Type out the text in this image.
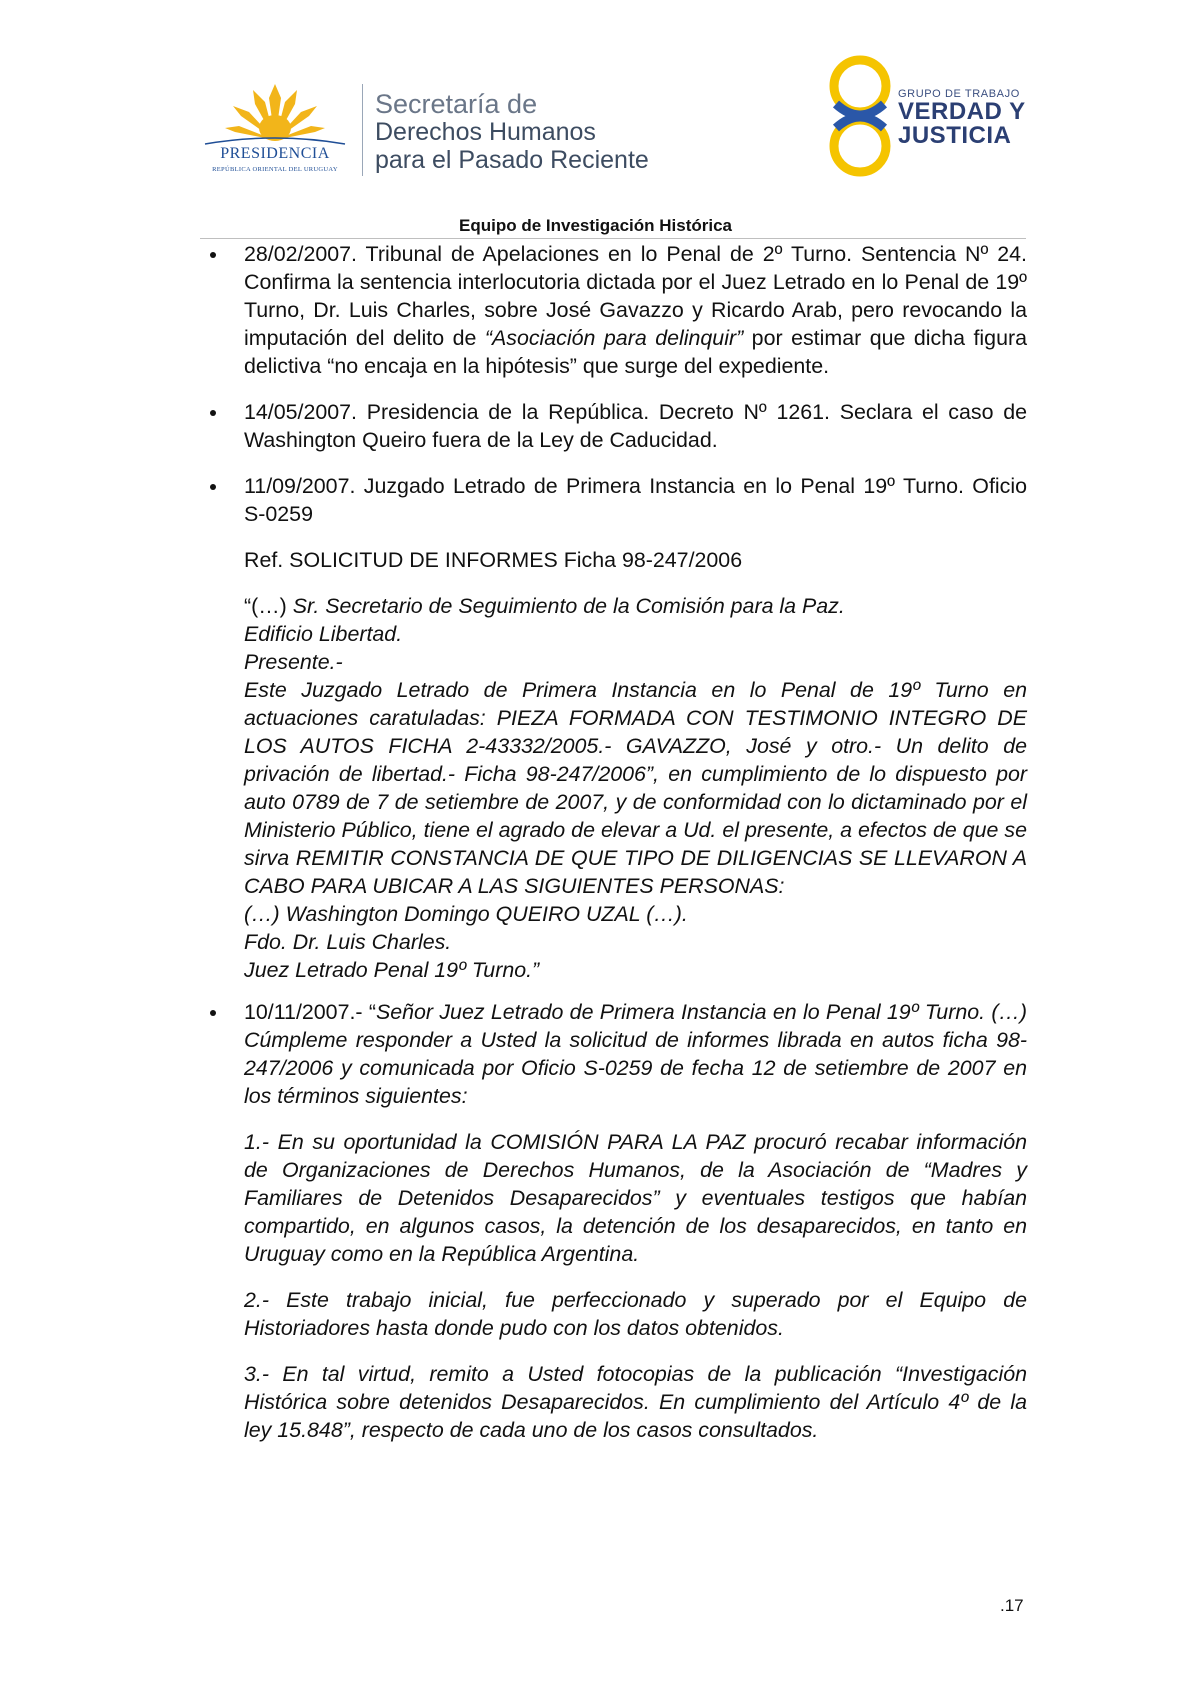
PRESIDENCIA
REPÚBLICA ORIENTAL DEL URUGUAY
Secretaría de
Derechos Humanos
para el Pasado Reciente
GRUPO DE TRABAJO
VERDAD Y
JUSTICIA
Equipo de Investigación Histórica
28/02/2007. Tribunal de Apelaciones en lo Penal de 2º Turno. Sentencia Nº 24. Confirma la sentencia interlocutoria dictada por el Juez Letrado en lo Penal de 19º Turno, Dr. Luis Charles, sobre José Gavazzo y Ricardo Arab, pero revocando la imputación del delito de “Asociación para delinquir” por estimar que dicha figura delictiva “no encaja en la hipótesis” que surge del expediente.
14/05/2007. Presidencia de la República. Decreto Nº 1261. Seclara el caso de Washington Queiro fuera de la Ley de Caducidad.
11/09/2007. Juzgado Letrado de Primera Instancia en lo Penal 19º Turno. Oficio S-0259
Ref. SOLICITUD DE INFORMES Ficha 98-247/2006
“(…) Sr. Secretario de Seguimiento de la Comisión para la Paz.
Edificio Libertad.
Presente.-
Este Juzgado Letrado de Primera Instancia en lo Penal de 19º Turno en actuaciones caratuladas: PIEZA FORMADA CON TESTIMONIO INTEGRO DE LOS AUTOS FICHA 2-43332/2005.- GAVAZZO, José y otro.- Un delito de privación de libertad.- Ficha 98-247/2006”, en cumplimiento de lo dispuesto por auto 0789 de 7 de setiembre de 2007, y de conformidad con lo dictaminado por el Ministerio Público, tiene el agrado de elevar a Ud. el presente, a efectos de que se sirva REMITIR CONSTANCIA DE QUE TIPO DE DILIGENCIAS SE LLEVARON A CABO PARA UBICAR A LAS SIGUIENTES PERSONAS:
(…) Washington Domingo QUEIRO UZAL (…).
Fdo. Dr. Luis Charles.
Juez Letrado Penal 19º Turno.”
10/11/2007.- “Señor Juez Letrado de Primera Instancia en lo Penal 19º Turno. (…) Cúmpleme responder a Usted la solicitud de informes librada en autos ficha 98-247/2006 y comunicada por Oficio S-0259 de fecha 12 de setiembre de 2007 en los términos siguientes:
1.- En su oportunidad la COMISIÓN PARA LA PAZ procuró recabar información de Organizaciones de Derechos Humanos, de la Asociación de “Madres y Familiares de Detenidos Desaparecidos” y eventuales testigos que habían compartido, en algunos casos, la detención de los desaparecidos, en tanto en Uruguay como en la República Argentina.
2.- Este trabajo inicial, fue perfeccionado y superado por el Equipo de Historiadores hasta donde pudo con los datos obtenidos.
3.- En tal virtud, remito a Usted fotocopias de la publicación “Investigación Histórica sobre detenidos Desaparecidos. En cumplimiento del Artículo 4º de la ley 15.848”, respecto de cada uno de los casos consultados.
.17
